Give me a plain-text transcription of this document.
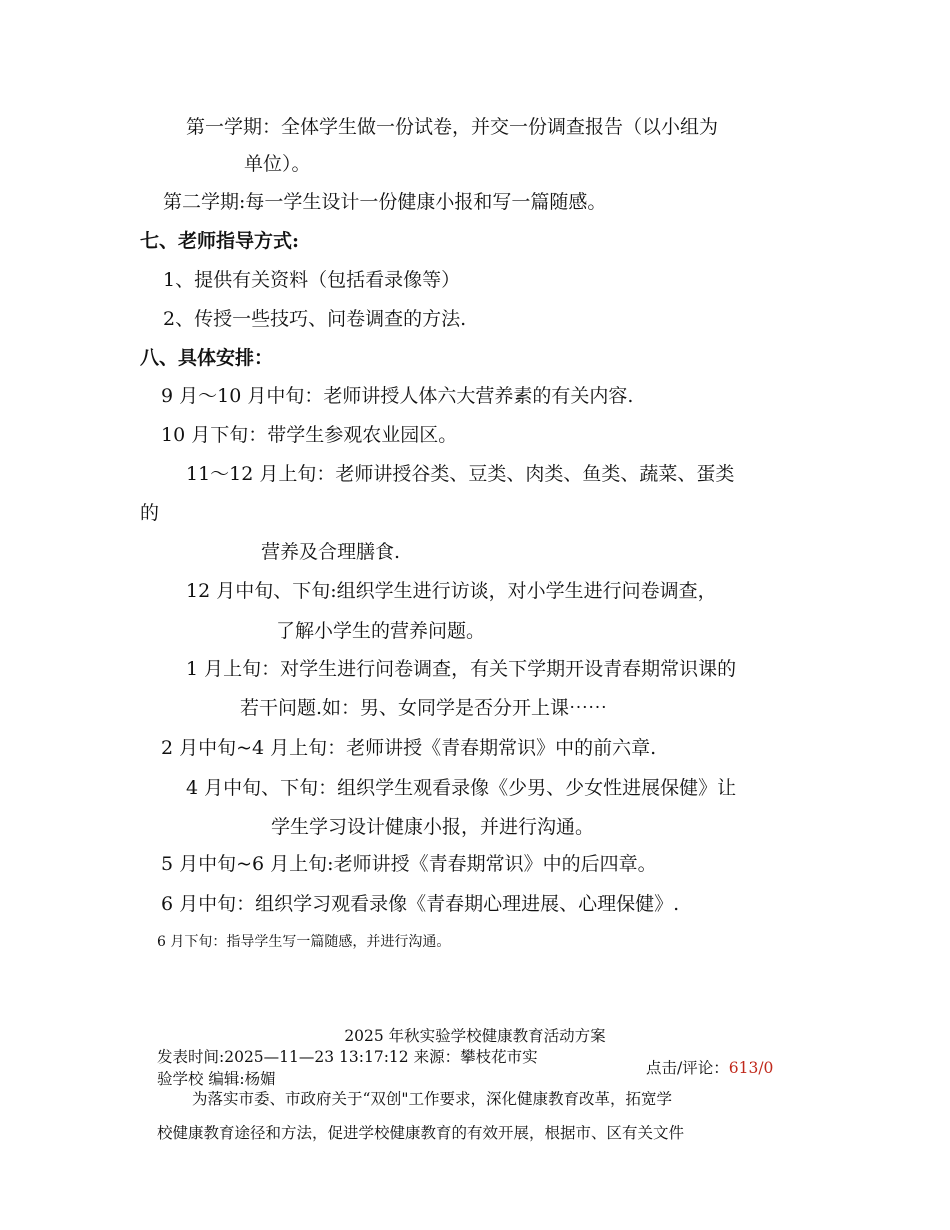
第一学期：全体学生做一份试卷，并交一份调查报告（以小组为
单位）。
第二学期:每一学生设计一份健康小报和写一篇随感。
七、老师指导方式:
1、提供有关资料（包括看录像等）
2、传授一些技巧、问卷调查的方法.
八、具体安排：
9 月～10 月中旬：老师讲授人体六大营养素的有关内容.
10 月下旬：带学生参观农业园区。
11～12 月上旬：老师讲授谷类、豆类、肉类、鱼类、蔬菜、蛋类
的
营养及合理膳食.
12 月中旬、下旬:组织学生进行访谈，对小学生进行问卷调查，
了解小学生的营养问题。
1 月上旬：对学生进行问卷调查，有关下学期开设青春期常识课的
若干问题.如：男、女同学是否分开上课⋯⋯
2 月中旬~4 月上旬：老师讲授《青春期常识》中的前六章.
4 月中旬、下旬：组织学生观看录像《少男、少女性进展保健》让
学生学习设计健康小报，并进行沟通。
5 月中旬~6 月上旬:老师讲授《青春期常识》中的后四章。
6 月中旬：组织学习观看录像《青春期心理进展、心理保健》.
6 月下旬：指导学生写一篇随感，并进行沟通。
2025 年秋实验学校健康教育活动方案
发表时间:2025—11—23 13:17:12 来源：攀枝花市实
验学校 编辑:杨媚
点击/评论：613/0
为落实市委、市政府关于“双创"工作要求，深化健康教育改革，拓宽学
校健康教育途径和方法，促进学校健康教育的有效开展，根据市、区有关文件
